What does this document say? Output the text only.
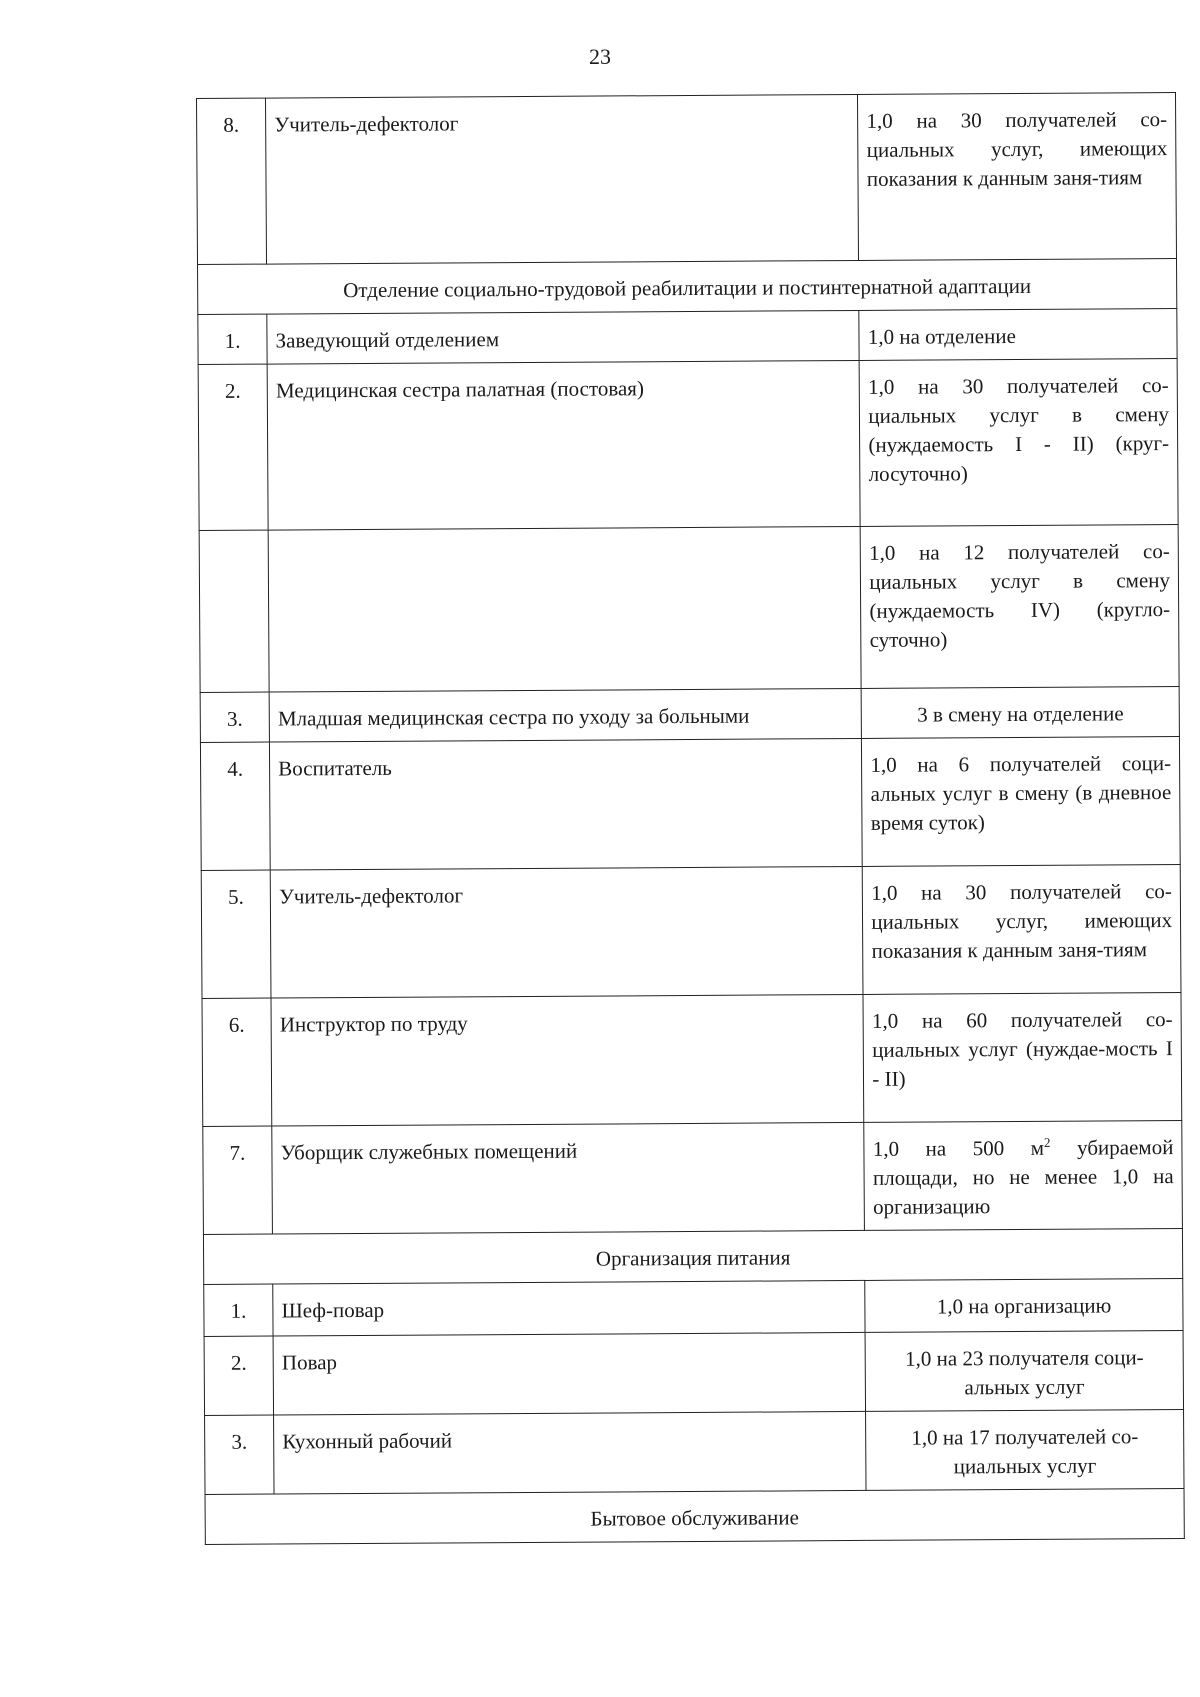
23
8.	Учитель-дефектолог	1,0 на 30 получателей со-циальных услуг, имеющих показания к данным заня-тиям
Отделение социально-трудовой реабилитации и постинтернатной адаптации		
1.	Заведующий отделением	1,0 на отделение
2.	Медицинская сестра палатная (постовая)	1,0 на 30 получателей со-циальных услуг в смену (нуждаемость I - II) (круг-лосуточно)
		1,0 на 12 получателей со-циальных услуг в смену (нуждаемость IV) (кругло-суточно)
3.	Младшая медицинская сестра по уходу за больными	3 в смену на отделение
4.	Воспитатель	1,0 на 6 получателей соци-альных услуг в смену (в дневное время суток)
5.	Учитель-дефектолог	1,0 на 30 получателей со-циальных услуг, имеющих показания к данным заня-тиям
6.	Инструктор по труду	1,0 на 60 получателей со-циальных услуг (нуждае-мость I - II)
7.	Уборщик служебных помещений	1,0 на 500 $м^2$ убираемой площади, но не менее 1,0 на организацию
Организация питания		
1.	Шеф-повар	1,0 на организацию
2.	Повар	1,0 на 23 получателя соци-альных услуг
3.	Кухонный рабочий	1,0 на 17 получателей со-циальных услуг
Бытовое обслуживание		
